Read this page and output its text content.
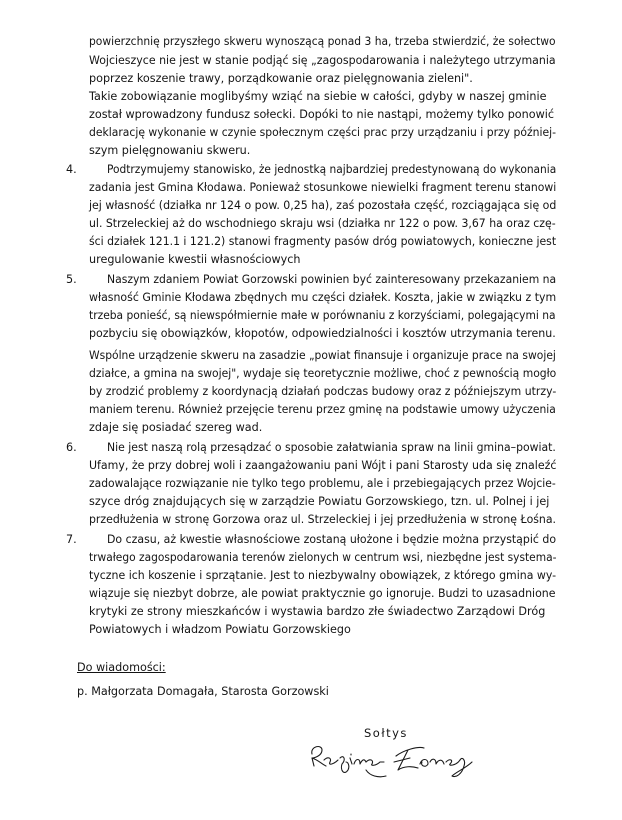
powierzchnię przyszłego skweru wynoszącą ponad 3 ha, trzeba stwierdzić, że sołectwo
Wojcieszyce nie jest w stanie podjąć się „zagospodarowania i należytego utrzymania
poprzez koszenie trawy, porządkowanie oraz pielęgnowania zieleni".
Takie zobowiązanie moglibyśmy wziąć na siebie w całości, gdyby w naszej gminie
został wprowadzony fundusz sołecki. Dopóki to nie nastąpi, możemy tylko ponowić
deklarację wykonanie w czynie społecznym części prac przy urządzaniu i przy później-
szym pielęgnowaniu skweru.
4.	Podtrzymujemy stanowisko, że jednostką najbardziej predestynowaną do wykonania
zadania jest Gmina Kłodawa. Ponieważ stosunkowe niewielki fragment terenu stanowi
jej własność (działka nr 124 o pow. 0,25 ha), zaś pozostała część, rozciągająca się od
ul. Strzeleckiej aż do wschodniego skraju wsi (działka nr 122 o pow. 3,67 ha oraz czę-
ści działek 121.1 i 121.2) stanowi fragmenty pasów dróg powiatowych, konieczne jest
uregulowanie kwestii własnościowych
5.	Naszym zdaniem Powiat Gorzowski powinien być zainteresowany przekazaniem na
własność Gminie Kłodawa zbędnych mu części działek. Koszta, jakie w związku z tym
trzeba ponieść, są niewspółmiernie małe w porównaniu z korzyściami, polegającymi na
pozbyciu się obowiązków, kłopotów, odpowiedzialności i kosztów utrzymania terenu.
Wspólne urządzenie skweru na zasadzie „powiat finansuje i organizuje prace na swojej
działce, a gmina na swojej", wydaje się teoretycznie możliwe, choć z pewnością mogło
by zrodzić problemy z koordynacją działań podczas budowy oraz z późniejszym utrzy-
maniem terenu. Również przejęcie terenu przez gminę na podstawie umowy użyczenia
zdaje się posiadać szereg wad.
6.	Nie jest naszą rolą przesądzać o sposobie załatwiania spraw na linii gmina–powiat.
Ufamy, że przy dobrej woli i zaangażowaniu pani Wójt i pani Starosty uda się znaleźć
zadowalające rozwiązanie nie tylko tego problemu, ale i przebiegających przez Wojcie-
szyce dróg znajdujących się w zarządzie Powiatu Gorzowskiego, tzn. ul. Polnej i jej
przedłużenia w stronę Gorzowa oraz ul. Strzeleckiej i jej przedłużenia w stronę Łośna.
7.	Do czasu, aż kwestie własnościowe zostaną ułożone i będzie można przystąpić do
trwałego zagospodarowania terenów zielonych w centrum wsi, niezbędne jest systema-
tyczne ich koszenie i sprzątanie. Jest to niezbywalny obowiązek, z którego gmina wy-
wiązuje się niezbyt dobrze, ale powiat praktycznie go ignoruje. Budzi to uzasadnione
krytyki ze strony mieszkańców i wystawia bardzo złe świadectwo Zarządowi Dróg
Powiatowych i władzom Powiatu Gorzowskiego
Do wiadomości:
p. Małgorzata Domagała, Starosta Gorzowski
Sołtys
